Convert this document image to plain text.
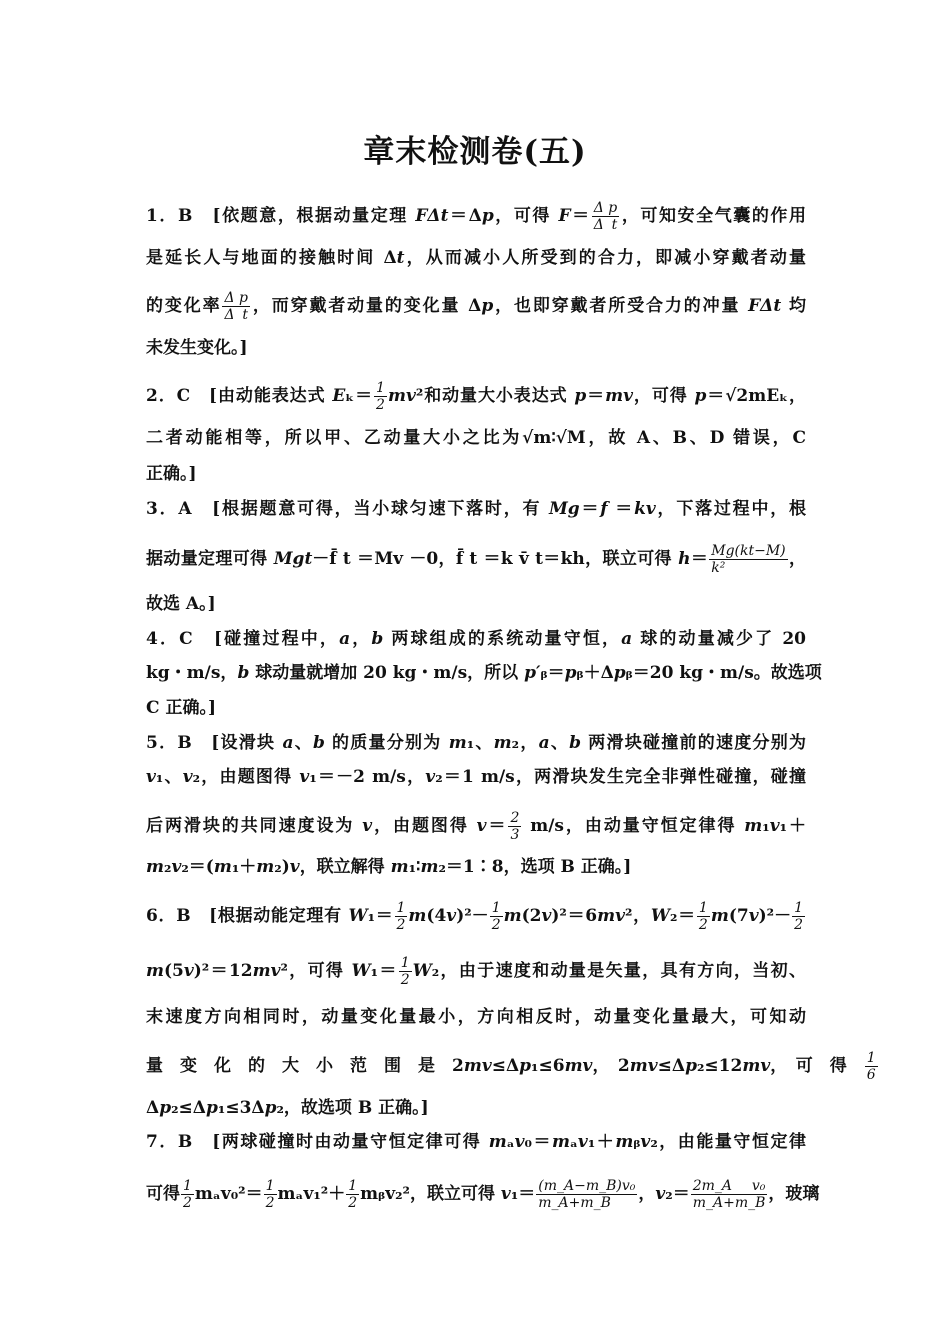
章末检测卷(五)
1．B　[依题意，根据动量定理 FΔt＝Δp，可得 $F= \frac{\text{Δ p}}{\text{Δ t}}$ ，可知安全气囊的作用
是延长人与地面的接触时间 Δt，从而减小人所受到的合力，即减小穿戴者动量
的变化率 $\frac{\text{Δ p}}{\text{Δ t}}$ ，而穿戴者动量的变化量 Δp，也即穿戴者所受合力的冲量 FΔt 均
未发生变化。]
2．C　[由动能表达式 $E_k= \frac{1}{2} mv^2$和动量大小表达式 p＝mv，可得 p＝√2mEₖ，
二者动能相等，所以甲、乙动量大小之比为√m∶√M，故 A、B、D 错误，C
正确。]
3．A　[根据题意可得，当小球匀速下落时，有 Mg＝f ＝kv，下落过程中，根
据动量定理可得 Mgt－f̄ t ＝Mv －0，f̄ t ＝k v̄ t＝kh，联立可得 $h= \frac{Mg(kt-M)}{\text{k²}}$ ，
故选 A。]
4．C　[碰撞过程中，a，b 两球组成的系统动量守恒，a 球的动量减少了 20
kg・m/s，b 球动量就增加 20 kg・m/s，所以 p′ᵦ＝pᵦ＋Δpᵦ＝20 kg・m/s。故选项
C 正确。]
5．B　[设滑块 a、b 的质量分别为 m₁、m₂，a、b 两滑块碰撞前的速度分别为
v₁、v₂，由题图得 v₁＝－2 m/s，v₂＝1 m/s，两滑块发生完全非弹性碰撞，碰撞
后两滑块的共同速度设为 v，由题图得 $v= \frac{2}{3} m/s$，由动量守恒定律得 m₁v₁＋
m₂v₂＝(m₁＋m₂)v，联立解得 m₁∶m₂＝1∶8，选项 B 正确。]
6．B　[根据动能定理有 $W_1= \frac{1}{2} m(4v)^2- \frac{1}{2} m(2v)^2=6mv^2$，$W_2= \frac{1}{2} m(7v)^2- \frac{1}{2}$
m(5v)²＝12mv²，可得 $W_1= \frac{1}{2} W_2$，由于速度和动量是矢量，具有方向，当初、
末速度方向相同时，动量变化量最小，方向相反时，动量变化量最大，可知动
量　变　化　的　大　小　范　围　是　2mv≤Δp₁≤6mv，　2mv≤Δp₂≤12mv，　可　得　 $\frac{1}{6}$
Δp₂≤Δp₁≤3Δp₂，故选项 B 正确。]
7．B　[两球碰撞时由动量守恒定律可得 mₐv₀＝mₐv₁＋mᵦv₂，由能量守恒定律
可得 $\frac{1}{2} m_av_0^2= \frac{1}{2} m_av_1^2+ \frac{1}{2}$ mᵦv₂²，联立可得 $v_1= \frac{\text{(m\_A−m\_B)v₀}}{m\_A+m\_B}$ ，$v_2= \frac{\text{2m\_A v₀}}{m\_A+m\_B}$ ，玻璃
